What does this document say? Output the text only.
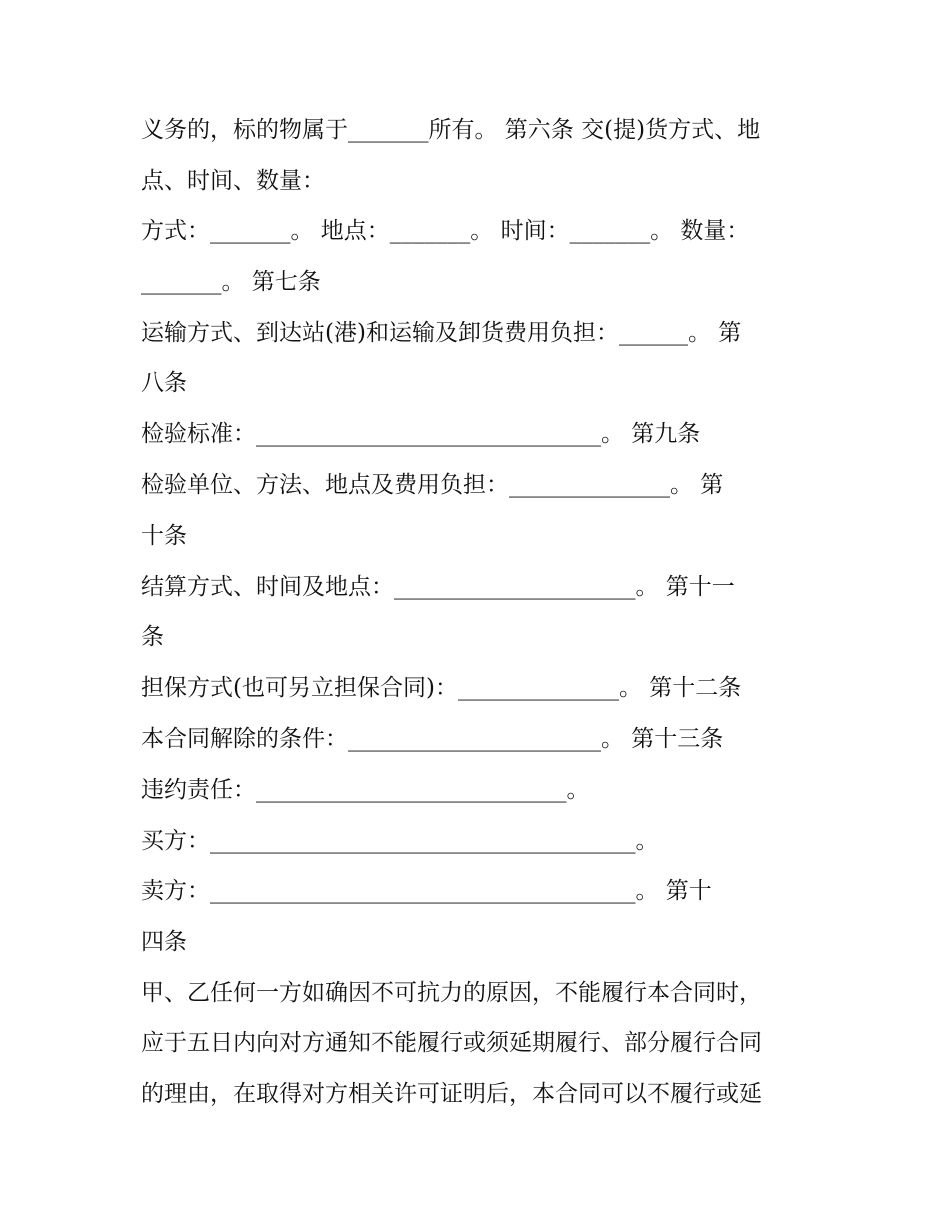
义务的，标的物属于_______所有。 第六条 交(提)货方式、地
点、时间、数量：
方式：_______。 地点：_______。 时间：_______。 数量：
_______。 第七条
运输方式、到达站(港)和运输及卸货费用负担：______。 第
八条
检验标准：______________________________。 第九条
检验单位、方法、地点及费用负担：______________。 第
十条
结算方式、时间及地点：_____________________。 第十一
条
担保方式(也可另立担保合同)：______________。 第十二条
本合同解除的条件：______________________。 第十三条
违约责任：___________________________。
买方：_____________________________________。
卖方：_____________________________________。 第十
四条
甲、乙任何一方如确因不可抗力的原因，不能履行本合同时，
应于五日内向对方通知不能履行或须延期履行、部分履行合同
的理由，在取得对方相关许可证明后，本合同可以不履行或延
